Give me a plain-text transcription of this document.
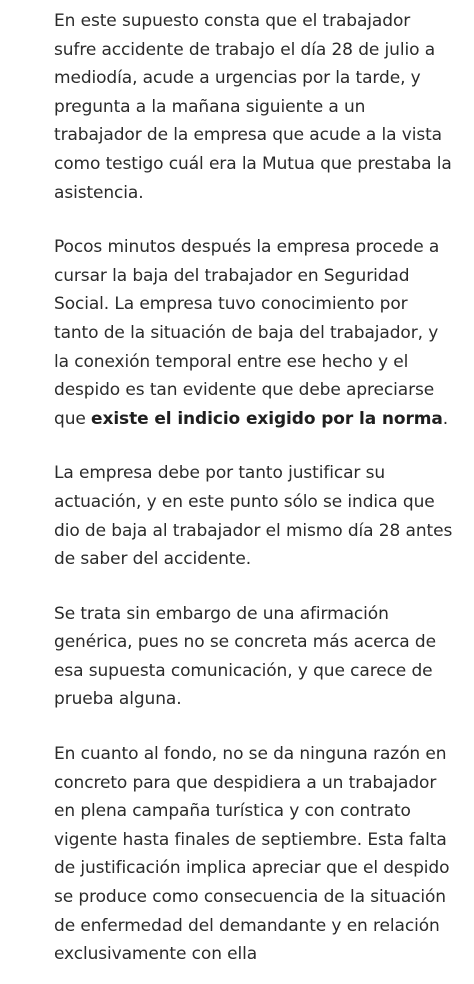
En este supuesto consta que el trabajador sufre accidente de trabajo el día 28 de julio a mediodía, acude a urgencias por la tarde, y pregunta a la mañana siguiente a un trabajador de la empresa que acude a la vista como testigo cuál era la Mutua que prestaba la asistencia.

Pocos minutos después la empresa procede a cursar la baja del trabajador en Seguridad Social. La empresa tuvo conocimiento por tanto de la situación de baja del trabajador, y la conexión temporal entre ese hecho y el despido es tan evidente que debe apreciarse que existe el indicio exigido por la norma.

La empresa debe por tanto justificar su actuación, y en este punto sólo se indica que dio de baja al trabajador el mismo día 28 antes de saber del accidente.

Se trata sin embargo de una afirmación genérica, pues no se concreta más acerca de esa supuesta comunicación, y que carece de prueba alguna.

En cuanto al fondo, no se da ninguna razón en concreto para que despidiera a un trabajador en plena campaña turística y con contrato vigente hasta finales de septiembre. Esta falta de justificación implica apreciar que el despido se produce como consecuencia de la situación de enfermedad del demandante y en relación exclusivamente con ella
